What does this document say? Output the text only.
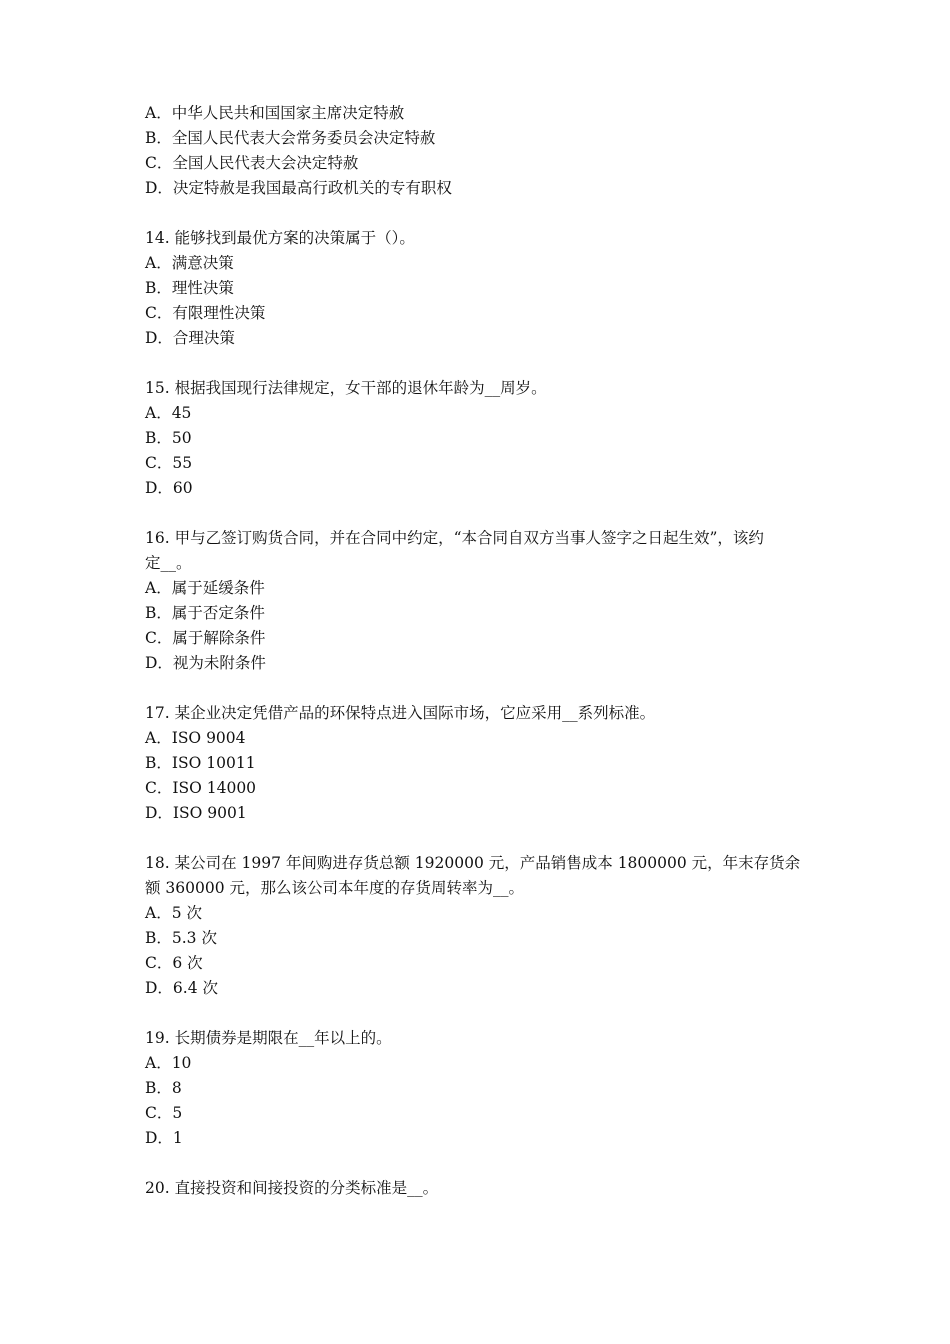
A．中华人民共和国国家主席决定特赦
B．全国人民代表大会常务委员会决定特赦
C．全国人民代表大会决定特赦
D．决定特赦是我国最高行政机关的专有职权
14. 能够找到最优方案的决策属于（）。
A．满意决策
B．理性决策
C．有限理性决策
D．合理决策
15. 根据我国现行法律规定，女干部的退休年龄为__周岁。
A．45
B．50
C．55
D．60
16. 甲与乙签订购货合同，并在合同中约定，“本合同自双方当事人签字之日起生效”，该约
定__。
A．属于延缓条件
B．属于否定条件
C．属于解除条件
D．视为未附条件
17. 某企业决定凭借产品的环保特点进入国际市场，它应采用__系列标准。
A．ISO 9004
B．ISO 10011
C．ISO 14000
D．ISO 9001
18. 某公司在 1997 年间购进存货总额 1920000 元，产品销售成本 1800000 元，年末存货余
额 360000 元，那么该公司本年度的存货周转率为__。
A．5 次
B．5.3 次
C．6 次
D．6.4 次
19. 长期债券是期限在__年以上的。
A．10
B．8
C．5
D．1
20. 直接投资和间接投资的分类标准是__。
